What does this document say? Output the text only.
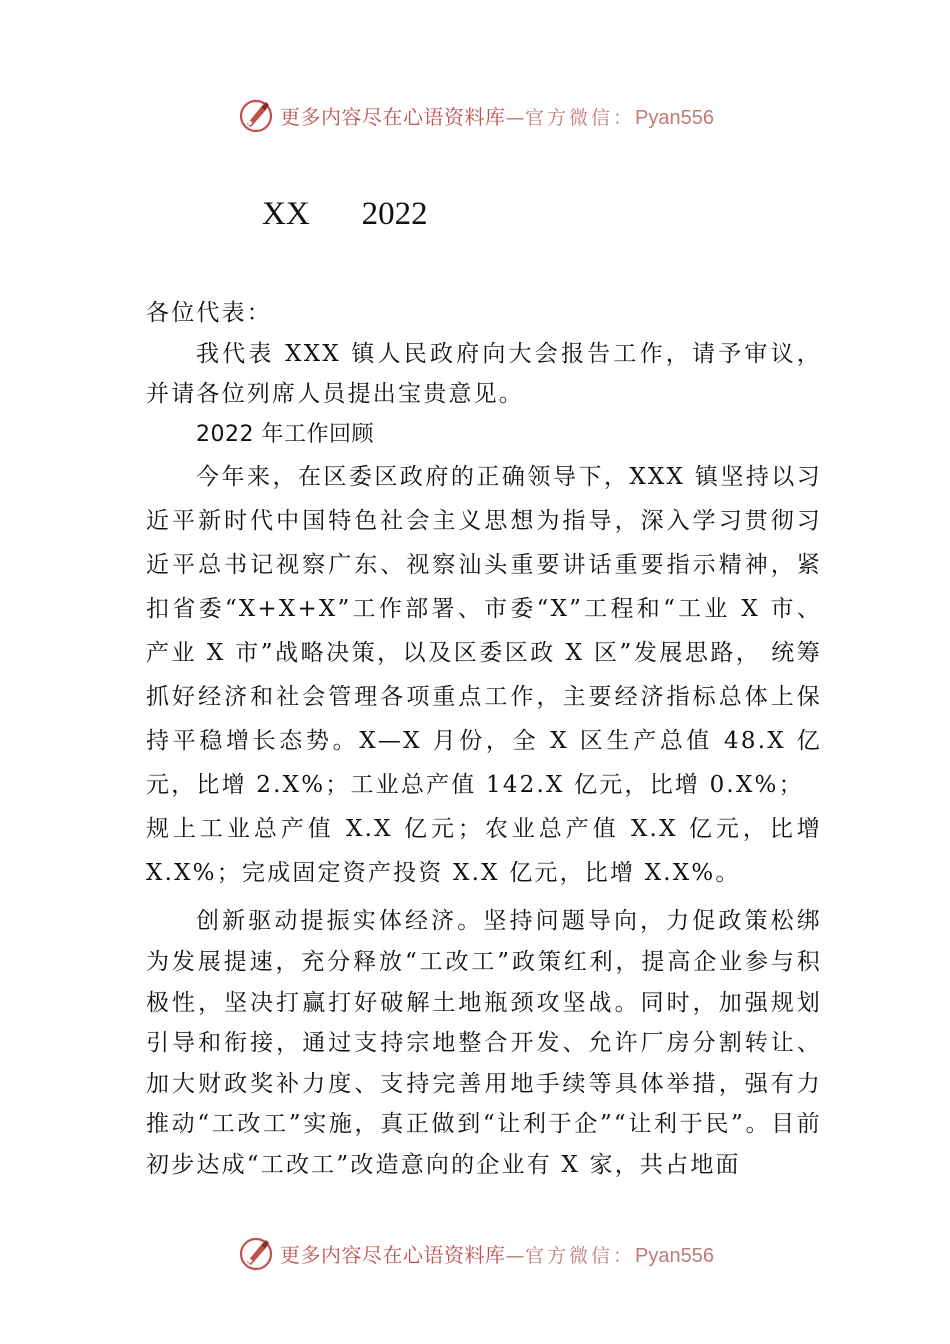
更多内容尽在心语资料库—官方微信：Pyan556
XX 2022

各位代表：

我代表 XXX 镇人民政府向大会报告工作，请予审议，并请各位列席人员提出宝贵意见。

2022 年工作回顾

今年来，在区委区政府的正确领导下，XXX 镇坚持以习近平新时代中国特色社会主义思想为指导，深入学习贯彻习近平总书记视察广东、视察汕头重要讲话重要指示精神，紧扣省委“X+X+X”工作部署、市委“X”工程和“工业 X 市、产业 X 市”战略决策，以及区委区政 X 区”发展思路， 统筹抓好经济和社会管理各项重点工作，主要经济指标总体上保持平稳增长态势。X—X 月份，全 X 区生产总值 48.X 亿元，比增 2.X%；工业总产值 142.X 亿元，比增 0.X%；

规上工业总产值 X.X 亿元；农业总产值 X.X 亿元，比增 X.X%；完成固定资产投资 X.X 亿元，比增 X.X%。

创新驱动提振实体经济。坚持问题导向，力促政策松绑为发展提速，充分释放“工改工”政策红利，提高企业参与积极性，坚决打赢打好破解土地瓶颈攻坚战。同时，加强规划引导和衔接，通过支持宗地整合开发、允许厂房分割转让、加大财政奖补力度、支持完善用地手续等具体举措，强有力推动“工改工”实施，真正做到“让利于企”“让利于民”。目前初步达成“工改工”改造意向的企业有 X 家，共占地面

更多内容尽在心语资料库—官方微信：Pyan556
